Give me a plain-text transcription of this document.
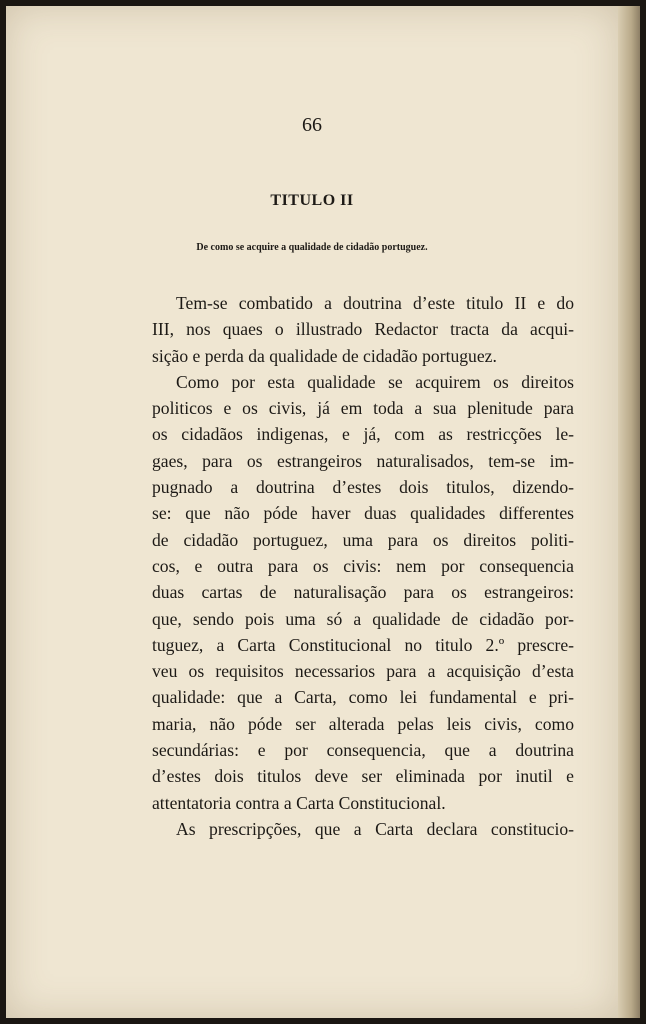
66
TITULO II
De como se acquire a qualidade de cidadão portuguez.
Tem-se combatido a doutrina d’este titulo II e do
III, nos quaes o illustrado Redactor tracta da acqui-
sição e perda da qualidade de cidadão portuguez.
Como por esta qualidade se acquirem os direitos
politicos e os civis, já em toda a sua plenitude para
os cidadãos indigenas, e já, com as restricções le-
gaes, para os estrangeiros naturalisados, tem-se im-
pugnado a doutrina d’estes dois titulos, dizendo-
se: que não póde haver duas qualidades differentes
de cidadão portuguez, uma para os direitos politi-
cos, e outra para os civis: nem por consequencia
duas cartas de naturalisação para os estrangeiros:
que, sendo pois uma só a qualidade de cidadão por-
tuguez, a Carta Constitucional no titulo 2.º prescre-
veu os requisitos necessarios para a acquisição d’esta
qualidade: que a Carta, como lei fundamental e pri-
maria, não póde ser alterada pelas leis civis, como
secundárias: e por consequencia, que a doutrina
d’estes dois titulos deve ser eliminada por inutil e
attentatoria contra a Carta Constitucional.
As prescripções, que a Carta declara constitucio-
